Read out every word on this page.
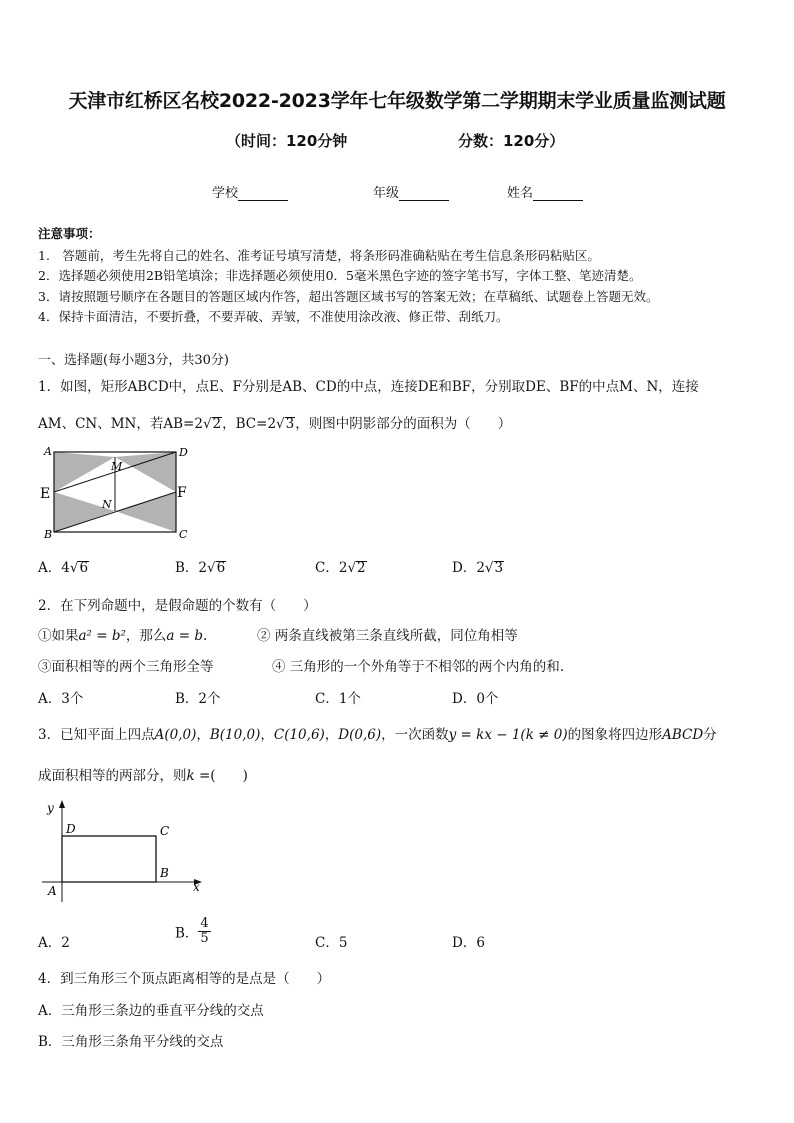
天津市红桥区名校2022-2023学年七年级数学第二学期期末学业质量监测试题
（时间：120分钟	分数：120分）
学校	年级	姓名
注意事项：
1.　答题前，考生先将自己的姓名、准考证号填写清楚，将条形码准确粘贴在考生信息条形码粘贴区。
2．选择题必须使用2B铅笔填涂；非选择题必须使用0．5毫米黑色字迹的签字笔书写，字体工整、笔迹清楚。
3．请按照题号顺序在各题目的答题区域内作答，超出答题区域书写的答案无效；在草稿纸、试题卷上答题无效。
4．保持卡面清洁，不要折叠，不要弄破、弄皱，不准使用涂改液、修正带、刮纸刀。
一、选择题(每小题3分，共30分)
1．如图，矩形ABCD中，点E、F分别是AB、CD的中点，连接DE和BF，分别取DE、BF的中点M、N，连接
AM、CN、MN，若AB=2√2，BC=2√3，则图中阴影部分的面积为（　　）
A	D
E	F
B	C
M
N
A．4√6	B．2√6	C．2√2	D．2√3
2．在下列命题中，是假命题的个数有（　　）
①如果a² = b²，那么a = b.	② 两条直线被第三条直线所截，同位角相等
③面积相等的两个三角形全等	④ 三角形的一个外角等于不相邻的两个内角的和.
A．3个	B．2个	C．1个	D．0个
3．已知平面上四点A(0,0)，B(10,0)，C(10,6)，D(0,6)，一次函数y = kx − 1(k ≠ 0)的图象将四边形ABCD分
成面积相等的两部分，则k =(　　)
y
x
A
B
C
D
A．2
B． $\frac{4}{5}$	C．5	D．6
4．到三角形三个顶点距离相等的是点是（　　）
A．三角形三条边的垂直平分线的交点
B．三角形三条角平分线的交点
